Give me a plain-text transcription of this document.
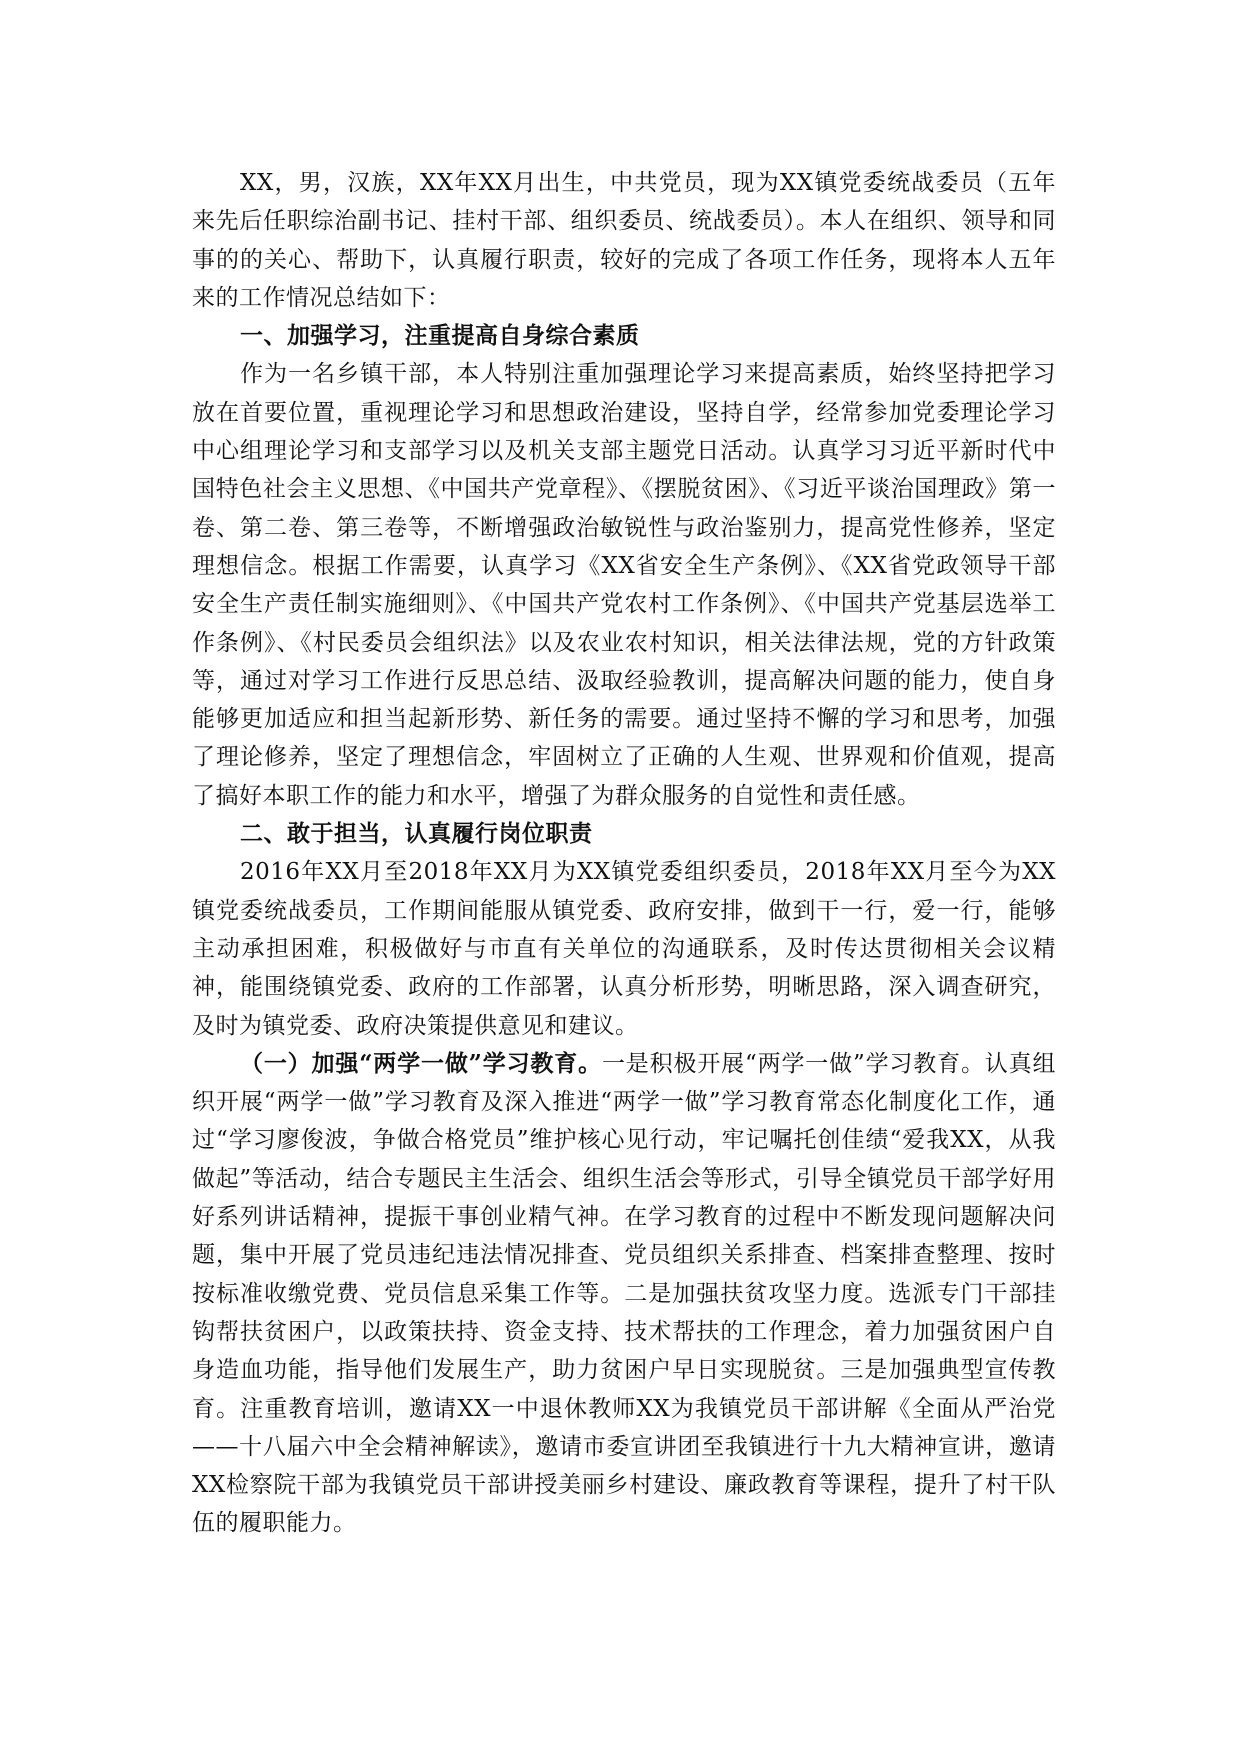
XX，男，汉族，XX年XX月出生，中共党员，现为XX镇党委统战委员（五年来先后任职综治副书记、挂村干部、组织委员、统战委员）。本人在组织、领导和同事的的关心、帮助下，认真履行职责，较好的完成了各项工作任务，现将本人五年来的工作情况总结如下：

一、加强学习，注重提高自身综合素质

作为一名乡镇干部，本人特别注重加强理论学习来提高素质，始终坚持把学习放在首要位置，重视理论学习和思想政治建设，坚持自学，经常参加党委理论学习中心组理论学习和支部学习以及机关支部主题党日活动。认真学习习近平新时代中国特色社会主义思想、《中国共产党章程》、《摆脱贫困》、《习近平谈治国理政》第一卷、第二卷、第三卷等，不断增强政治敏锐性与政治鉴别力，提高党性修养，坚定理想信念。根据工作需要，认真学习《XX省安全生产条例》、《XX省党政领导干部安全生产责任制实施细则》、《中国共产党农村工作条例》、《中国共产党基层选举工作条例》、《村民委员会组织法》以及农业农村知识，相关法律法规，党的方针政策等，通过对学习工作进行反思总结、汲取经验教训，提高解决问题的能力，使自身能够更加适应和担当起新形势、新任务的需要。通过坚持不懈的学习和思考，加强了理论修养，坚定了理想信念，牢固树立了正确的人生观、世界观和价值观，提高了搞好本职工作的能力和水平，增强了为群众服务的自觉性和责任感。

二、敢于担当，认真履行岗位职责

2016年XX月至2018年XX月为XX镇党委组织委员，2018年XX月至今为XX镇党委统战委员，工作期间能服从镇党委、政府安排，做到干一行，爱一行，能够主动承担困难，积极做好与市直有关单位的沟通联系，及时传达贯彻相关会议精神，能围绕镇党委、政府的工作部署，认真分析形势，明晰思路，深入调查研究，及时为镇党委、政府决策提供意见和建议。

（一）加强“两学一做”学习教育。一是积极开展“两学一做”学习教育。认真组织开展“两学一做”学习教育及深入推进“两学一做”学习教育常态化制度化工作，通过“学习廖俊波，争做合格党员”维护核心见行动，牢记嘱托创佳绩“爱我XX，从我做起”等活动，结合专题民主生活会、组织生活会等形式，引导全镇党员干部学好用好系列讲话精神，提振干事创业精气神。在学习教育的过程中不断发现问题解决问题，集中开展了党员违纪违法情况排查、党员组织关系排查、档案排查整理、按时按标准收缴党费、党员信息采集工作等。二是加强扶贫攻坚力度。选派专门干部挂钩帮扶贫困户，以政策扶持、资金支持、技术帮扶的工作理念，着力加强贫困户自身造血功能，指导他们发展生产，助力贫困户早日实现脱贫。三是加强典型宣传教育。注重教育培训，邀请XX一中退休教师XX为我镇党员干部讲解《全面从严治党——十八届六中全会精神解读》，邀请市委宣讲团至我镇进行十九大精神宣讲，邀请XX检察院干部为我镇党员干部讲授美丽乡村建设、廉政教育等课程，提升了村干队伍的履职能力。
